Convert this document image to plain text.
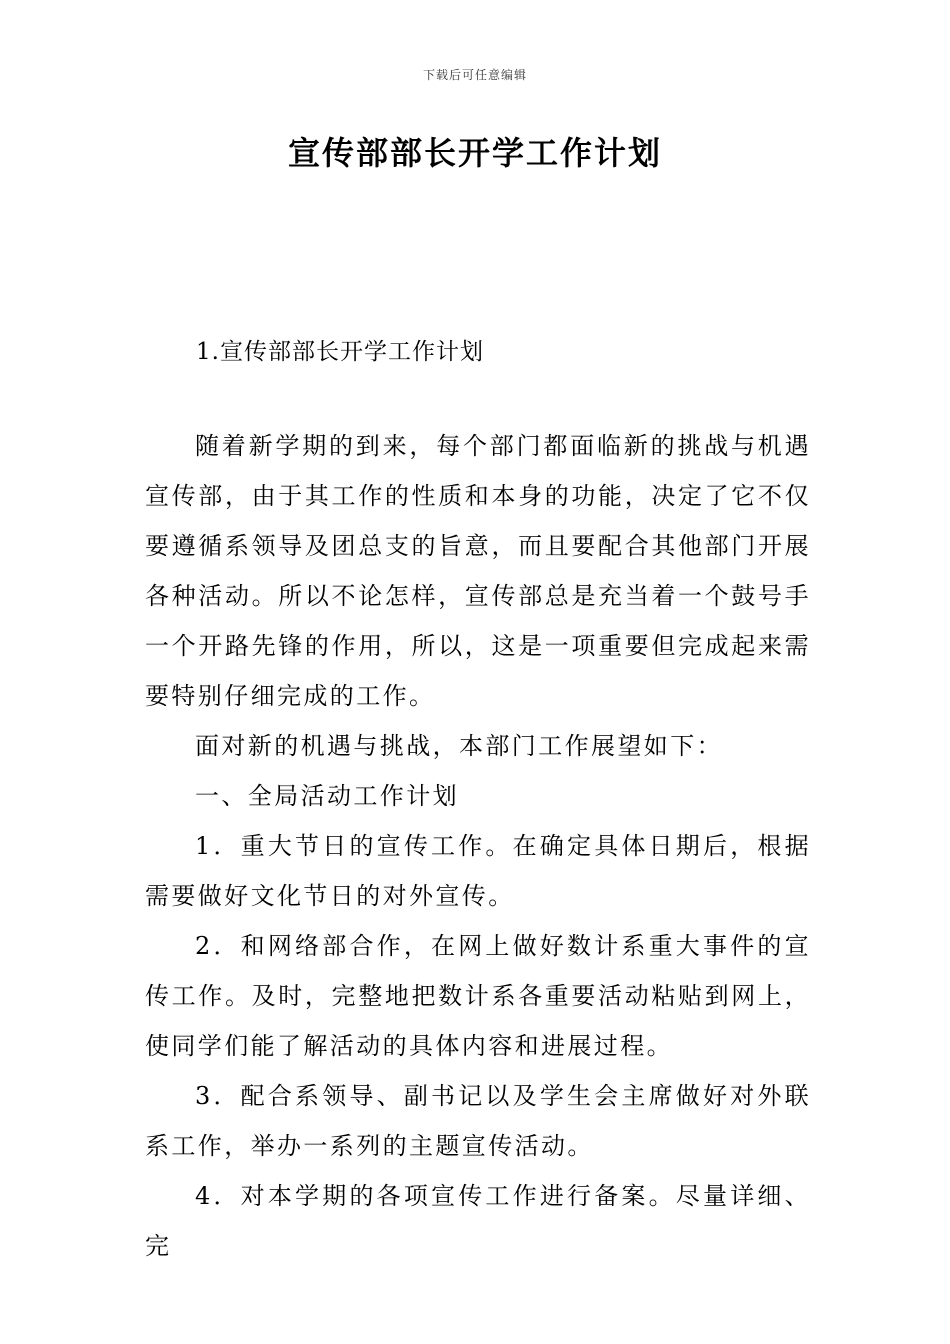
下载后可任意编辑
宣传部部长开学工作计划
1.宣传部部长开学工作计划

随着新学期的到来，每个部门都面临新的挑战与机遇宣传部，由于其工作的性质和本身的功能，决定了它不仅要遵循系领导及团总支的旨意，而且要配合其他部门开展各种活动。所以不论怎样，宣传部总是充当着一个鼓号手一个开路先锋的作用，所以，这是一项重要但完成起来需要特别仔细完成的工作。

面对新的机遇与挑战，本部门工作展望如下：

一、全局活动工作计划

1．重大节日的宣传工作。在确定具体日期后，根据需要做好文化节日的对外宣传。

2．和网络部合作，在网上做好数计系重大事件的宣传工作。及时，完整地把数计系各重要活动粘贴到网上，使同学们能了解活动的具体内容和进展过程。

3．配合系领导、副书记以及学生会主席做好对外联系工作，举办一系列的主题宣传活动。

4．对本学期的各项宣传工作进行备案。尽量详细、完
